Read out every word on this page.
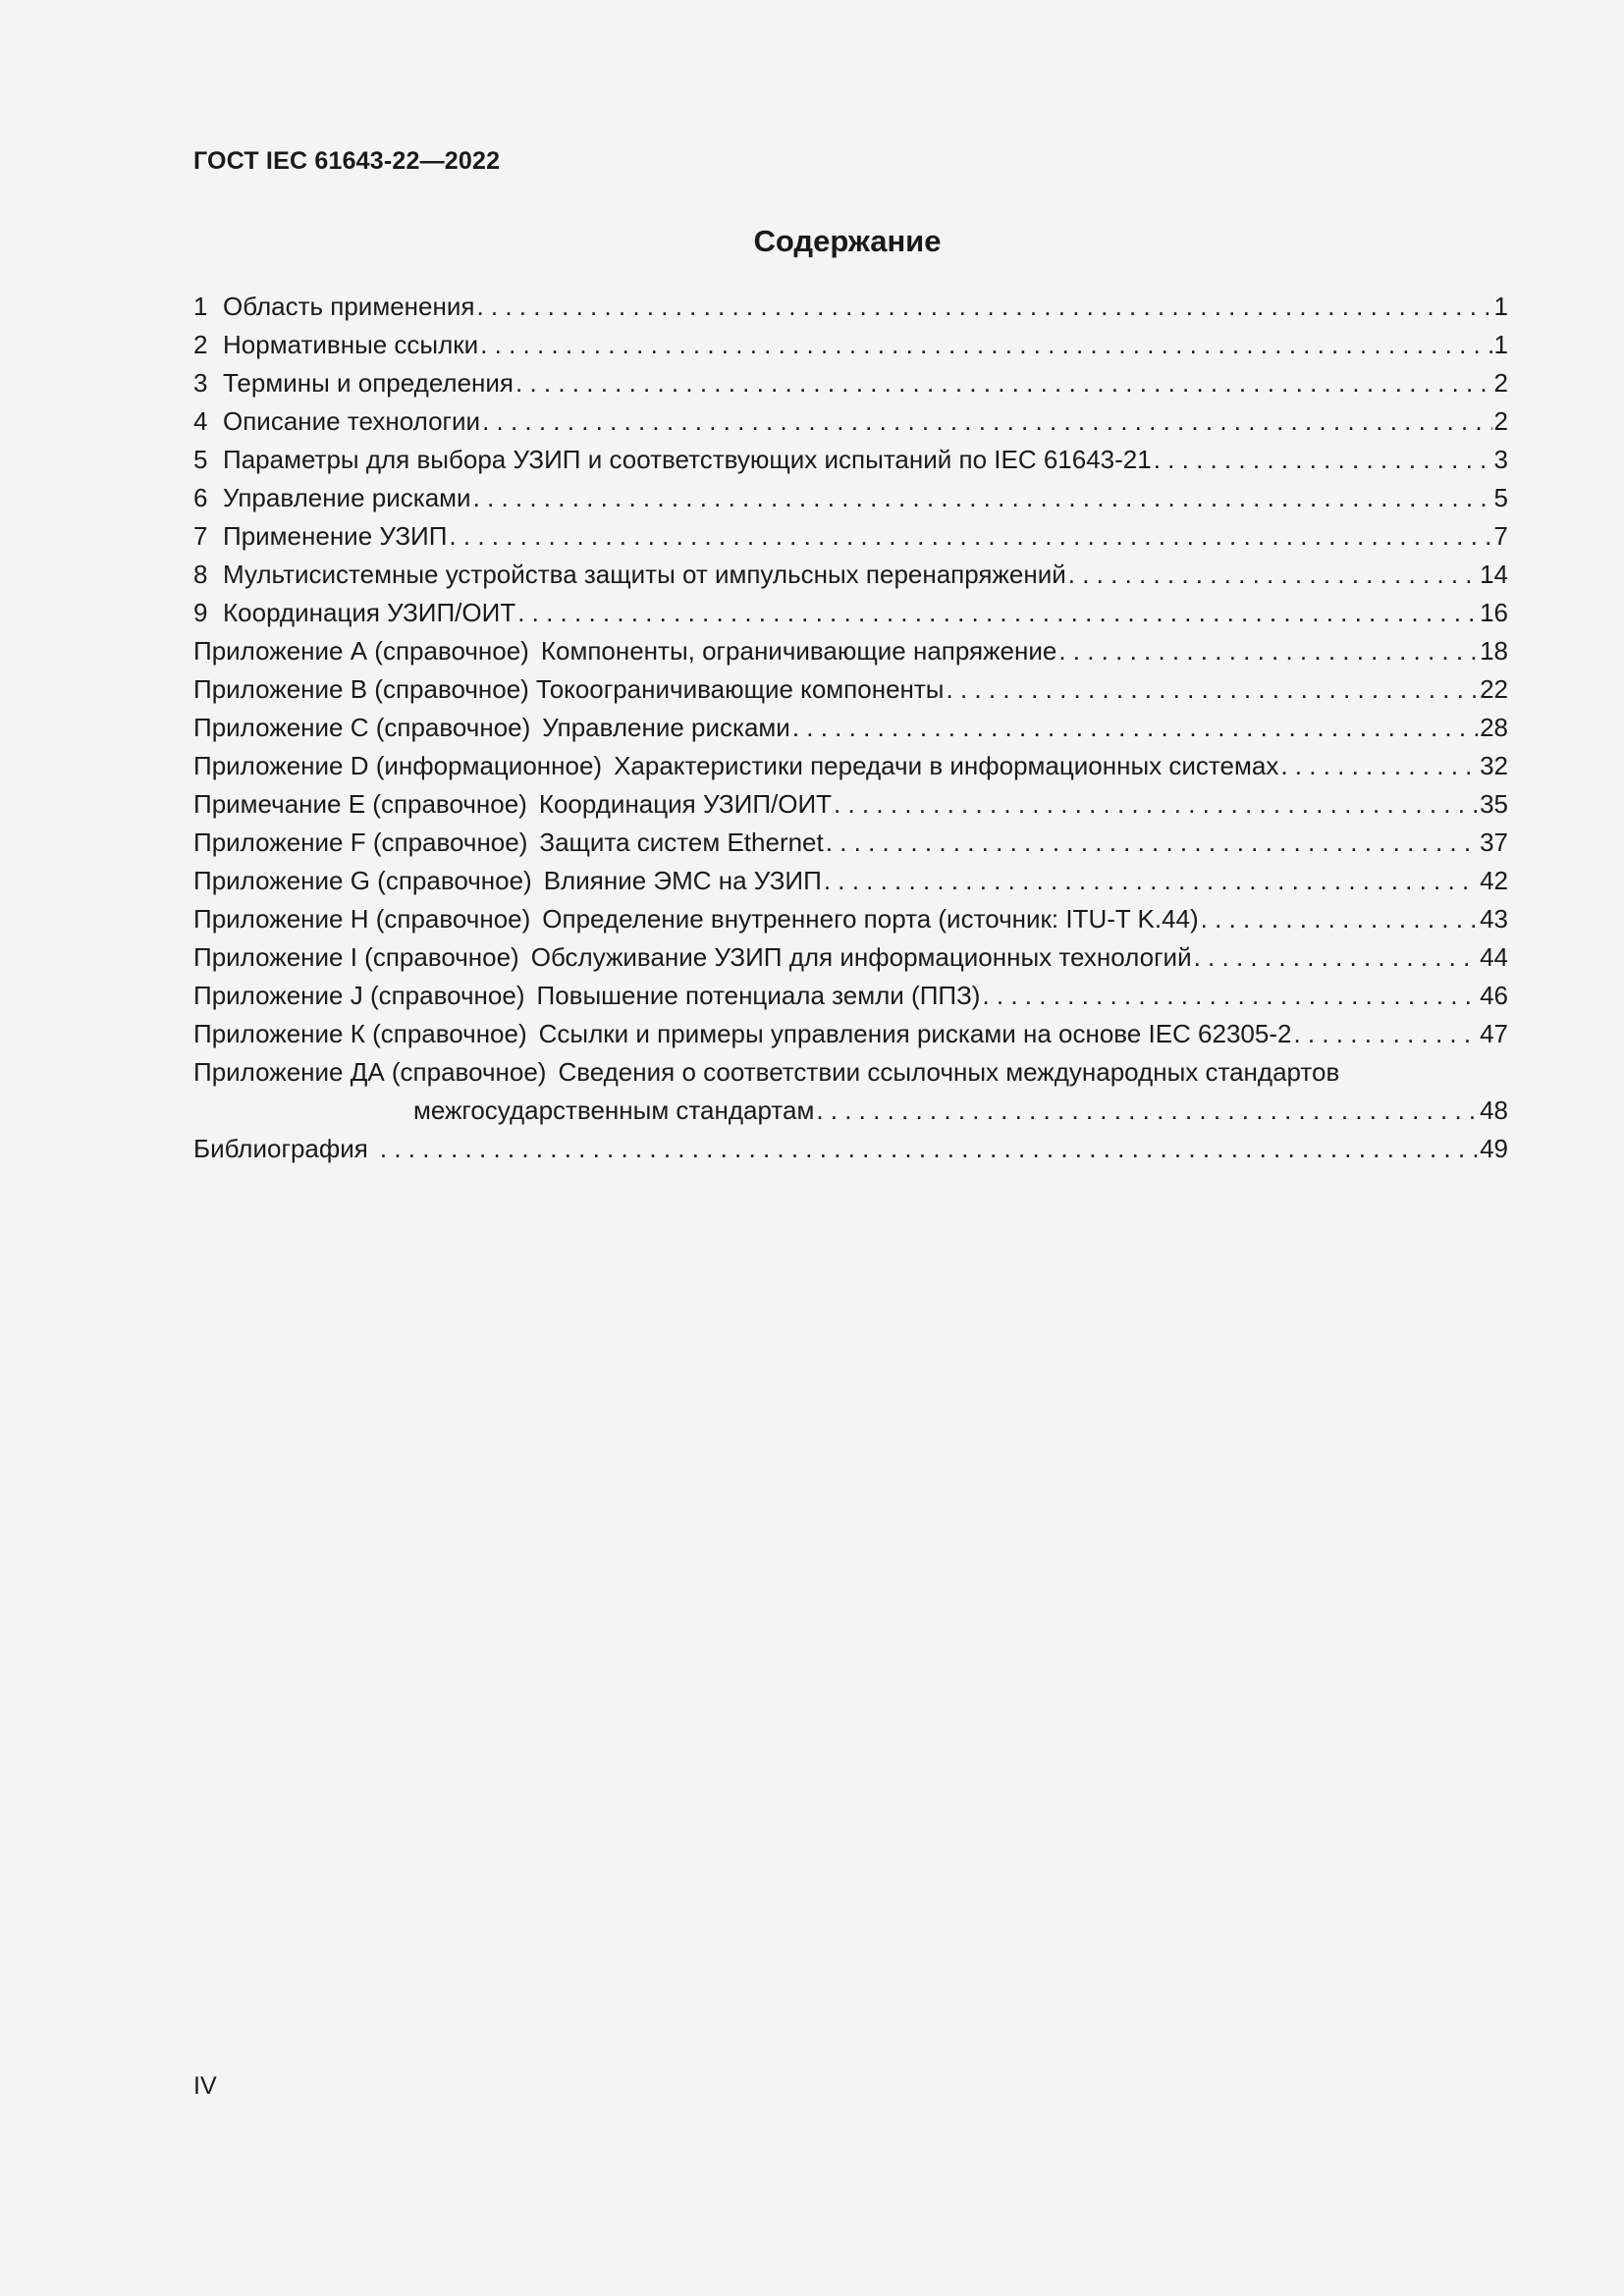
ГОСТ IEC 61643-22—2022
Содержание
1 Область применения . . .	1
2 Нормативные ссылки . . .	1
3 Термины и определения . . .	2
4 Описание технологии . . .	2
5 Параметры для выбора УЗИП и соответствующих испытаний по IEC 61643-21 . . .	3
6 Управление рисками . . .	5
7 Применение УЗИП . . .	7
8 Мультисистемные устройства защиты от импульсных перенапряжений . . .	14
9 Координация УЗИП/ОИТ . . .	16
Приложение А (справочное) Компоненты, ограничивающие напряжение . . .	18
Приложение В (справочное) Токоограничивающие компоненты . . .	22
Приложение С (справочное) Управление рисками . . .	28
Приложение D (информационное) Характеристики передачи в информационных системах . . .	32
Примечание Е (справочное) Координация УЗИП/ОИТ . . .	35
Приложение F (справочное) Защита систем Ethernet . . .	37
Приложение G (справочное) Влияние ЭМС на УЗИП . . .	42
Приложение Н (справочное) Определение внутреннего порта (источник: ITU-T K.44) . . .	43
Приложение I (справочное) Обслуживание УЗИП для информационных технологий . . .	44
Приложение J (справочное) Повышение потенциала земли (ППЗ) . . .	46
Приложение К (справочное) Ссылки и примеры управления рисками на основе IEC 62305-2 . . .	47
Приложение ДА (справочное) Сведения о соответствии ссылочных международных стандартов
межгосударственным стандартам . . .	48
Библиография . . .	49
IV
